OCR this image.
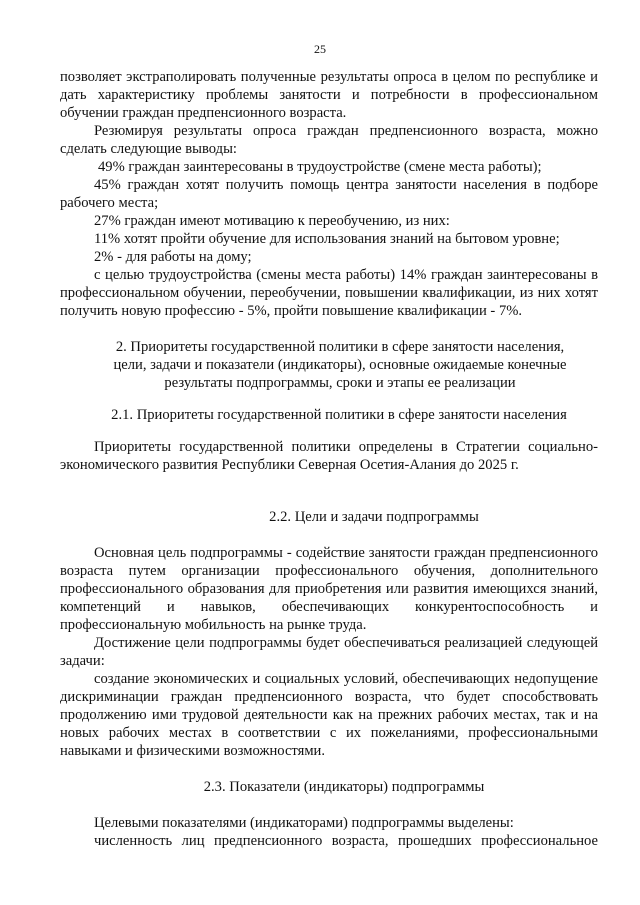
25

позволяет экстраполировать полученные результаты опроса в целом по республике и дать характеристику проблемы занятости и потребности в профессиональном обучении граждан предпенсионного возраста.

Резюмируя результаты опроса граждан предпенсионного возраста, можно сделать следующие выводы:

49% граждан заинтересованы в трудоустройстве (смене места работы);

45% граждан хотят получить помощь центра занятости населения в подборе рабочего места;

27% граждан имеют мотивацию к переобучению, из них:

11% хотят пройти обучение для использования знаний на бытовом уровне;

2% - для работы на дому;

с целью трудоустройства (смены места работы) 14% граждан заинтересованы в профессиональном обучении, переобучении, повышении квалификации, из них хотят получить новую профессию - 5%, пройти повышение квалификации - 7%.

2. Приоритеты государственной политики в сфере занятости населения, цели, задачи и показатели (индикаторы), основные ожидаемые конечные результаты подпрограммы, сроки и этапы ее реализации

2.1. Приоритеты государственной политики в сфере занятости населения

Приоритеты государственной политики определены в Стратегии социально-экономического развития Республики Северная Осетия-Алания до 2025 г.

2.2. Цели и задачи подпрограммы

Основная цель подпрограммы - содействие занятости граждан предпенсионного возраста путем организации профессионального обучения, дополнительного профессионального образования для приобретения или развития имеющихся знаний, компетенций и навыков, обеспечивающих конкурентоспособность и профессиональную мобильность на рынке труда.

Достижение цели подпрограммы будет обеспечиваться реализацией следующей задачи:

создание экономических и социальных условий, обеспечивающих недопущение дискриминации граждан предпенсионного возраста, что будет способствовать продолжению ими трудовой деятельности как на прежних рабочих местах, так и на новых рабочих местах в соответствии с их пожеланиями, профессиональными навыками и физическими возможностями.

2.3. Показатели (индикаторы) подпрограммы

Целевыми показателями (индикаторами) подпрограммы выделены:

численность лиц предпенсионного возраста, прошедших профессиональное
